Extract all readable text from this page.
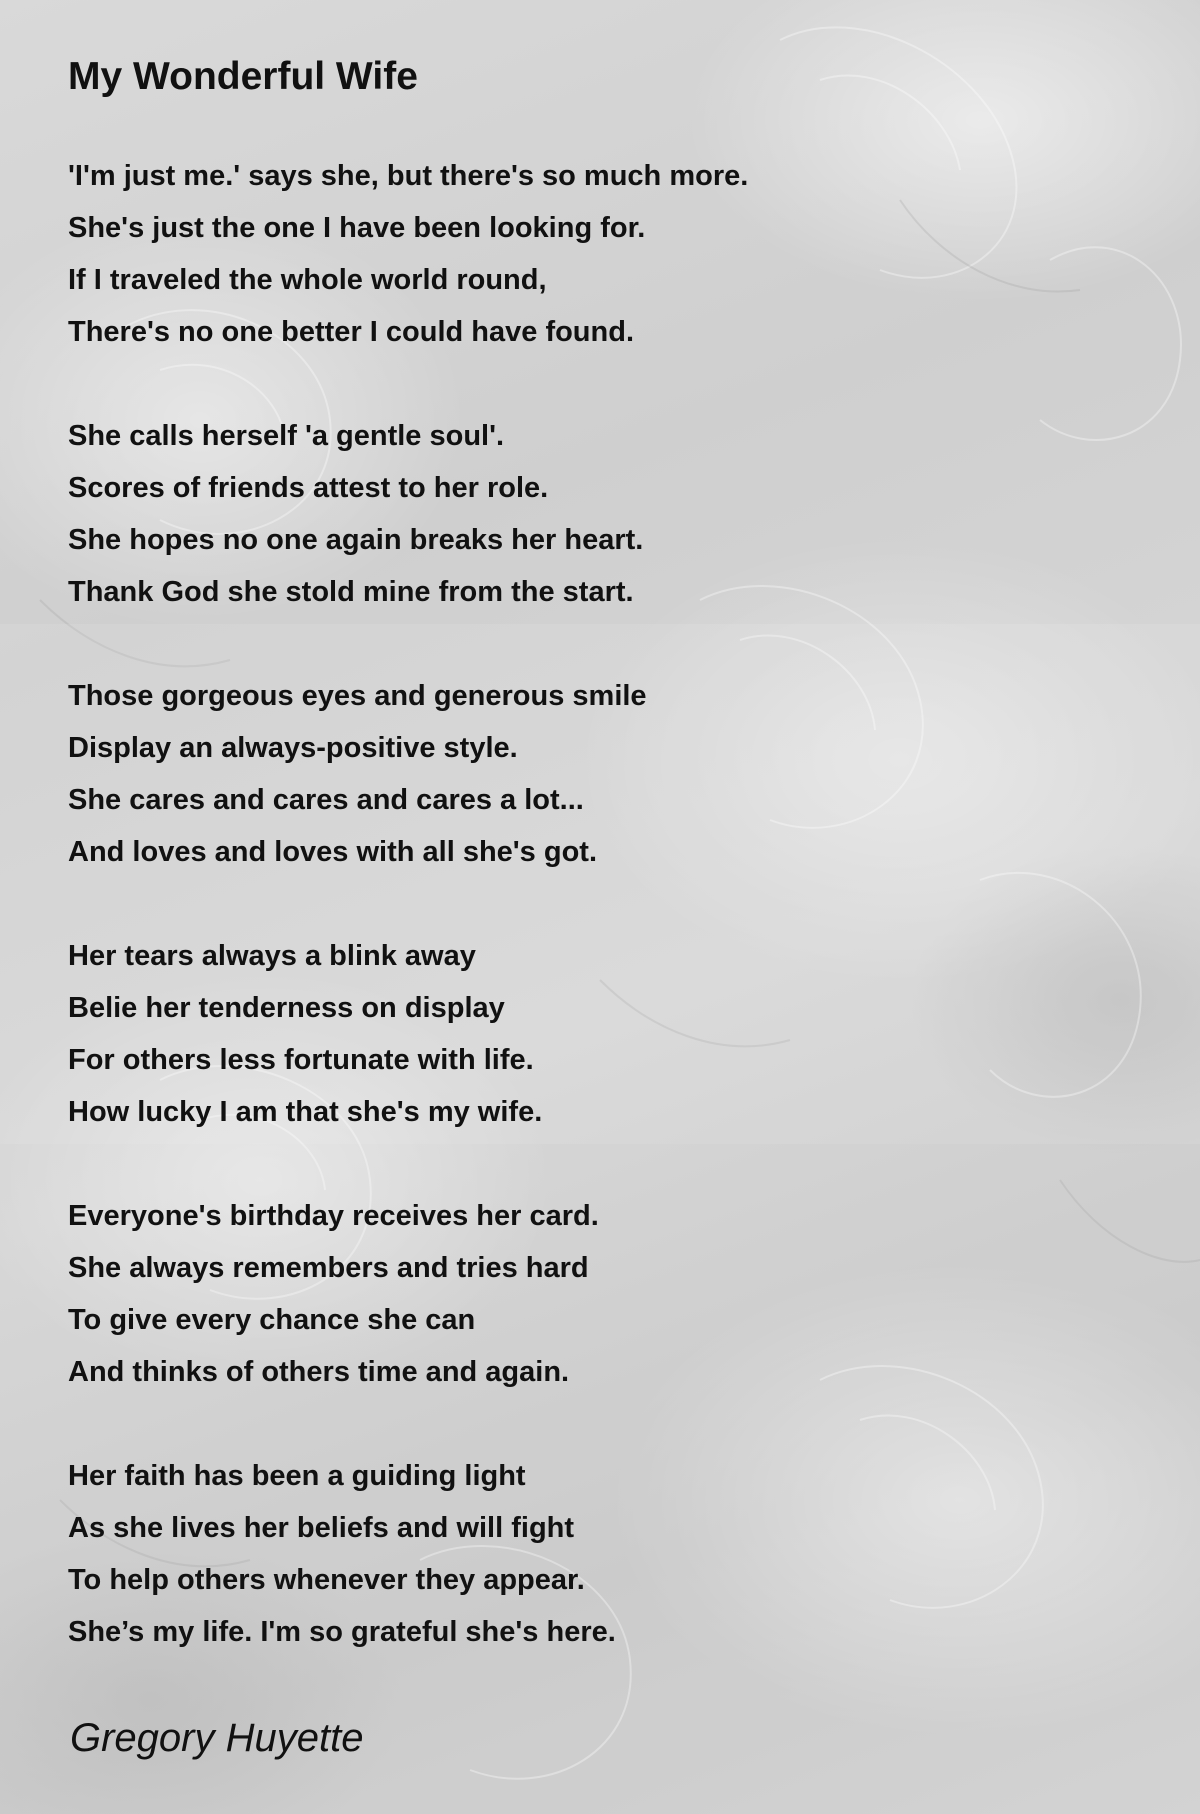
My Wonderful Wife
'I'm just me.' says she, but there's so much more.
She's just the one I have been looking for.
If I traveled the whole world round,
There's no one better I could have found.
She calls herself 'a gentle soul'.
Scores of friends attest to her role.
She hopes no one again breaks her heart.
Thank God she stold mine from the start.
Those gorgeous eyes and generous smile
Display an always-positive style.
She cares and cares and cares a lot...
And loves and loves with all she's got.
Her tears always a blink away
Belie her tenderness on display
For others less fortunate with life.
How lucky I am that she's my wife.
Everyone's birthday receives her card.
She always remembers and tries hard
To give every chance she can
And thinks of others time and again.
Her faith has been a guiding light
As she lives her beliefs and will fight
To help others whenever they appear.
She’s my life. I'm so grateful she's here.
Gregory Huyette
